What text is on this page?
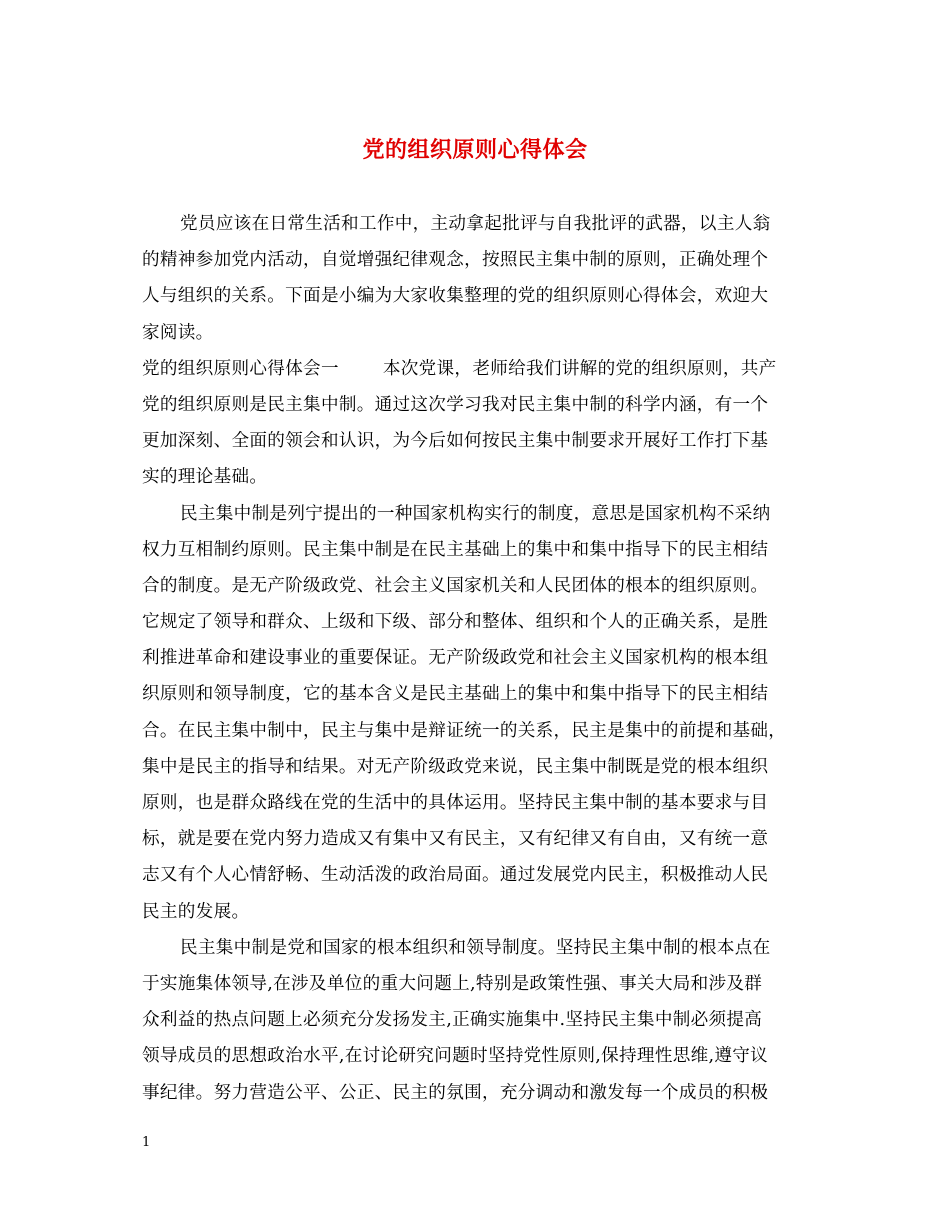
党的组织原则心得体会
党员应该在日常生活和工作中，主动拿起批评与自我批评的武器，以主人翁
的精神参加党内活动，自觉增强纪律观念，按照民主集中制的原则，正确处理个
人与组织的关系。下面是小编为大家收集整理的党的组织原则心得体会，欢迎大
家阅读。
党的组织原则心得体会一	本次党课，老师给我们讲解的党的组织原则，共产
党的组织原则是民主集中制。通过这次学习我对民主集中制的科学内涵，有一个
更加深刻、全面的领会和认识，为今后如何按民主集中制要求开展好工作打下基
实的理论基础。
民主集中制是列宁提出的一种国家机构实行的制度，意思是国家机构不采纳
权力互相制约原则。民主集中制是在民主基础上的集中和集中指导下的民主相结
合的制度。是无产阶级政党、社会主义国家机关和人民团体的根本的组织原则。
它规定了领导和群众、上级和下级、部分和整体、组织和个人的正确关系，是胜
利推进革命和建设事业的重要保证。无产阶级政党和社会主义国家机构的根本组
织原则和领导制度，它的基本含义是民主基础上的集中和集中指导下的民主相结
合。在民主集中制中，民主与集中是辩证统一的关系，民主是集中的前提和基础，
集中是民主的指导和结果。对无产阶级政党来说，民主集中制既是党的根本组织
原则，也是群众路线在党的生活中的具体运用。坚持民主集中制的基本要求与目
标，就是要在党内努力造成又有集中又有民主，又有纪律又有自由，又有统一意
志又有个人心情舒畅、生动活泼的政治局面。通过发展党内民主，积极推动人民
民主的发展。
民主集中制是党和国家的根本组织和领导制度。坚持民主集中制的根本点在
于实施集体领导,在涉及单位的重大问题上,特别是政策性强、事关大局和涉及群
众利益的热点问题上必须充分发扬发主,正确实施集中.坚持民主集中制必须提高
领导成员的思想政治水平,在讨论研究问题时坚持党性原则,保持理性思维,遵守议
事纪律。努力营造公平、公正、民主的氛围，充分调动和激发每一个成员的积极
1
